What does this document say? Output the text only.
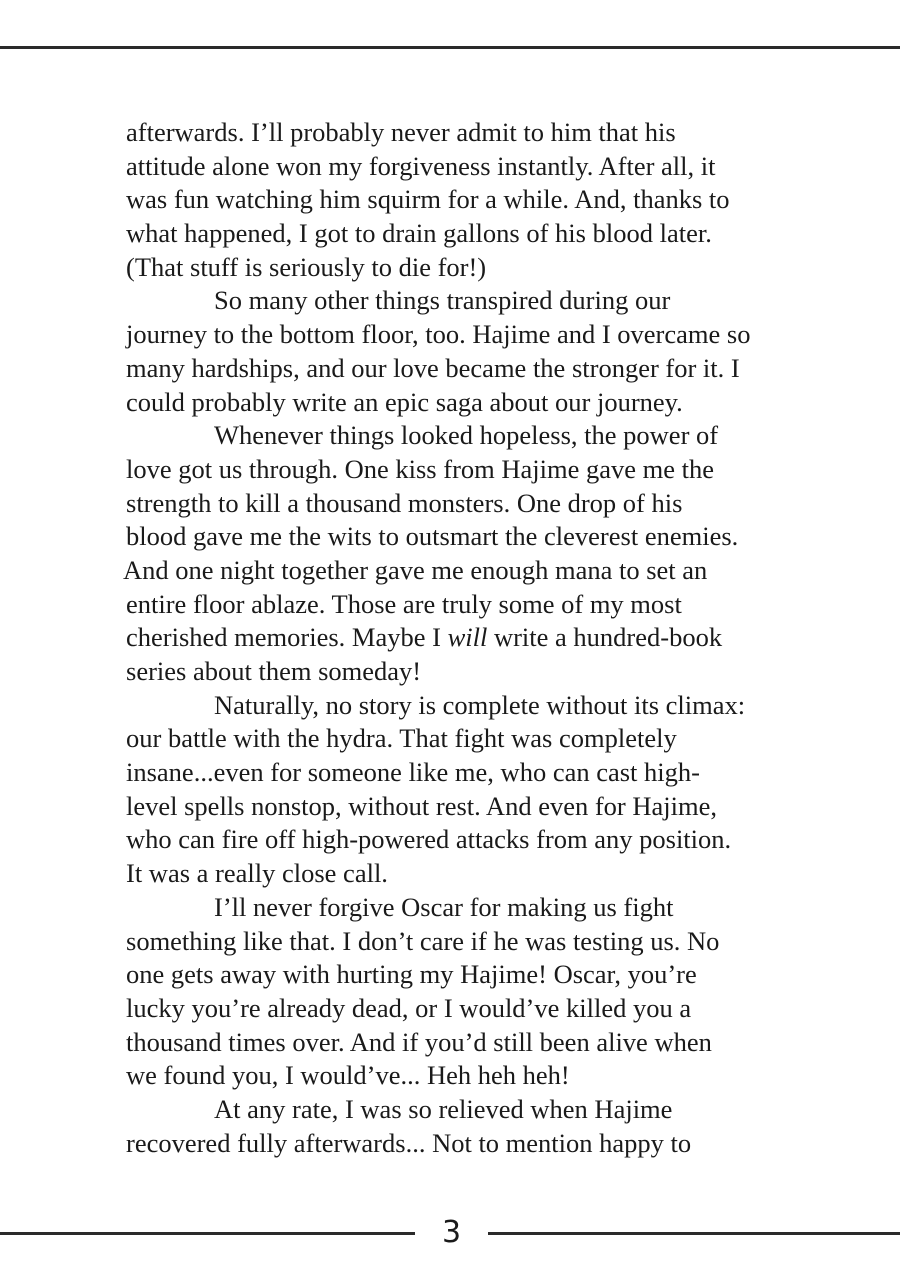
afterwards. I’ll probably never admit to him that his
attitude alone won my forgiveness instantly. After all, it
was fun watching him squirm for a while. And, thanks to
what happened, I got to drain gallons of his blood later.
(That stuff is seriously to die for!)
So many other things transpired during our
journey to the bottom floor, too. Hajime and I overcame so
many hardships, and our love became the stronger for it. I
could probably write an epic saga about our journey.
Whenever things looked hopeless, the power of
love got us through. One kiss from Hajime gave me the
strength to kill a thousand monsters. One drop of his
blood gave me the wits to outsmart the cleverest enemies.
And one night together gave me enough mana to set an
entire floor ablaze. Those are truly some of my most
cherished memories. Maybe I will write a hundred-book
series about them someday!
Naturally, no story is complete without its climax:
our battle with the hydra. That fight was completely
insane...even for someone like me, who can cast high-
level spells nonstop, without rest. And even for Hajime,
who can fire off high-powered attacks from any position.
It was a really close call.
I’ll never forgive Oscar for making us fight
something like that. I don’t care if he was testing us. No
one gets away with hurting my Hajime! Oscar, you’re
lucky you’re already dead, or I would’ve killed you a
thousand times over. And if you’d still been alive when
we found you, I would’ve... Heh heh heh!
At any rate, I was so relieved when Hajime
recovered fully afterwards... Not to mention happy to
3
